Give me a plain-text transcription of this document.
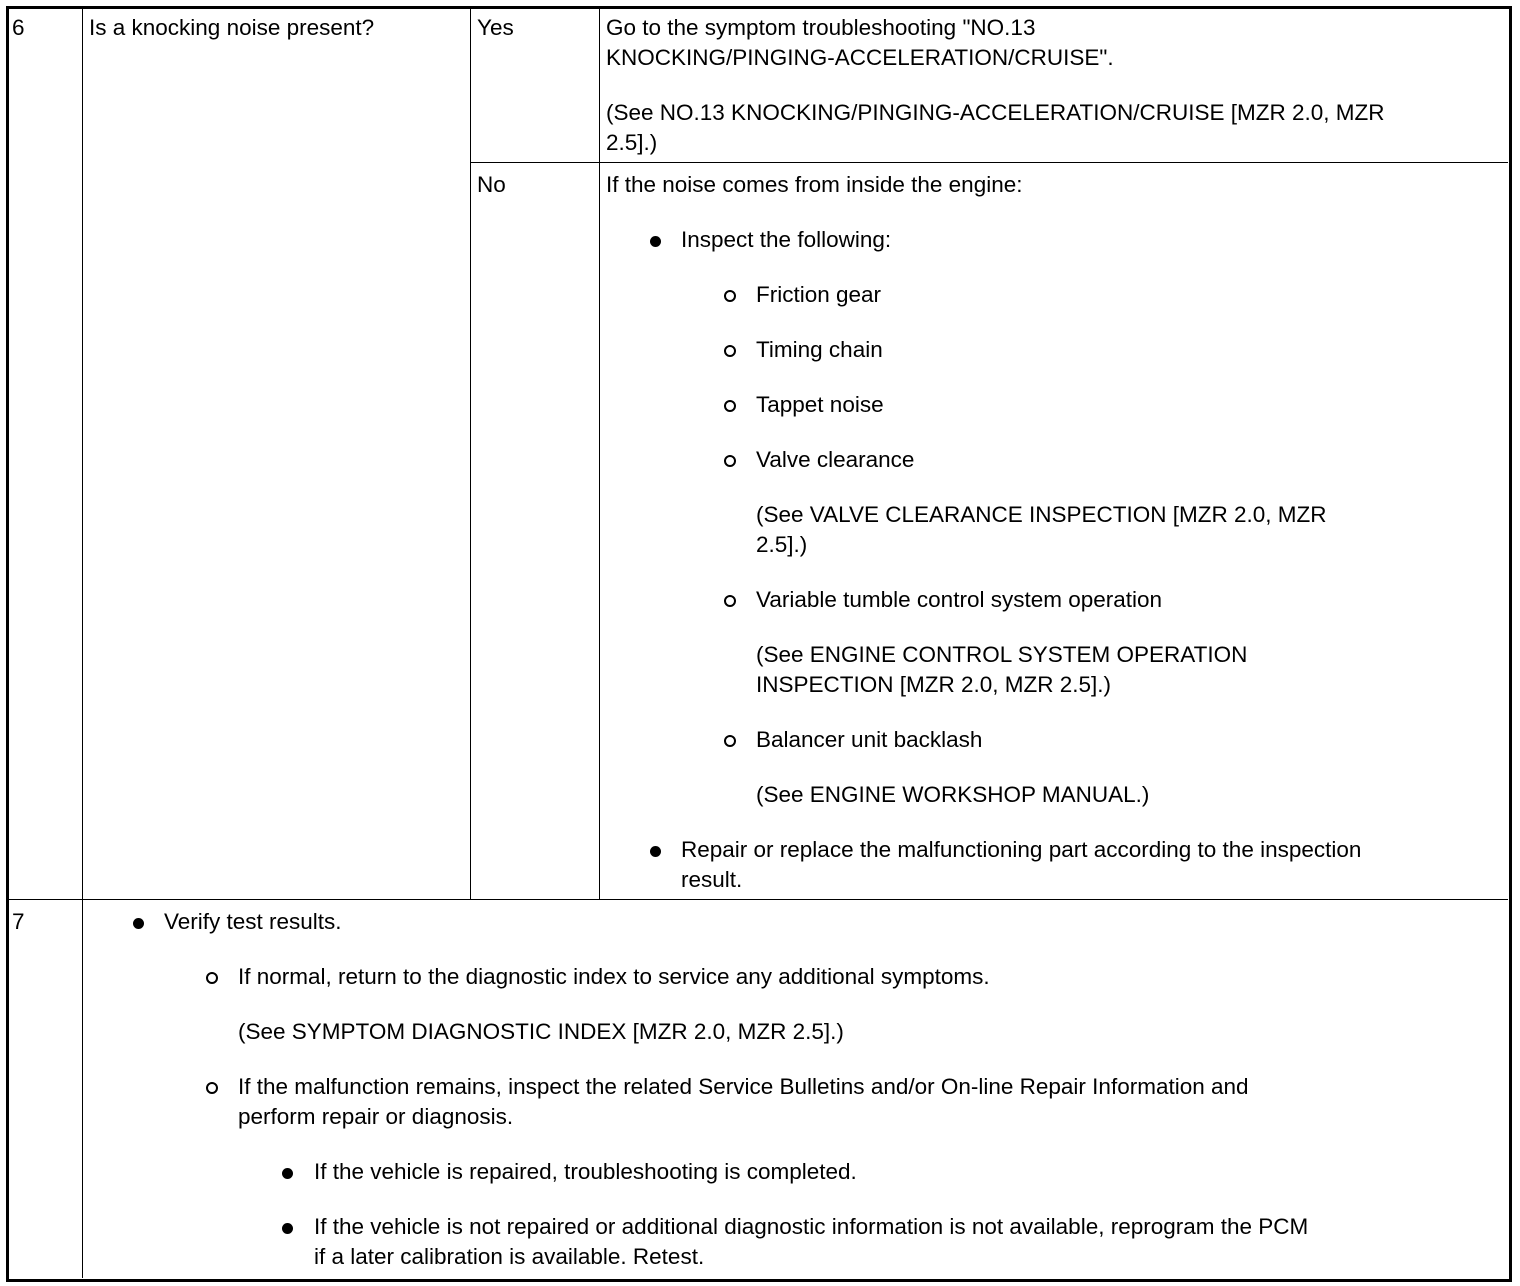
6	Is a knocking noise present?	Yes	Go to the symptom troubleshooting "NO.13
KNOCKING/PINGING-ACCELERATION/CRUISE".
(See NO.13 KNOCKING/PINGING-ACCELERATION/CRUISE [MZR 2.0, MZR
2.5].)
No	If the noise comes from inside the engine:
Inspect the following:
Friction gear
Timing chain
Tappet noise
Valve clearance
(See VALVE CLEARANCE INSPECTION [MZR 2.0, MZR
2.5].)
Variable tumble control system operation
(See ENGINE CONTROL SYSTEM OPERATION
INSPECTION [MZR 2.0, MZR 2.5].)
Balancer unit backlash
(See ENGINE WORKSHOP MANUAL.)
Repair or replace the malfunctioning part according to the inspection
result.
7	Verify test results.
If normal, return to the diagnostic index to service any additional symptoms.
(See SYMPTOM DIAGNOSTIC INDEX [MZR 2.0, MZR 2.5].)
If the malfunction remains, inspect the related Service Bulletins and/or On-line Repair Information and
perform repair or diagnosis.
If the vehicle is repaired, troubleshooting is completed.
If the vehicle is not repaired or additional diagnostic information is not available, reprogram the PCM
if a later calibration is available. Retest.
